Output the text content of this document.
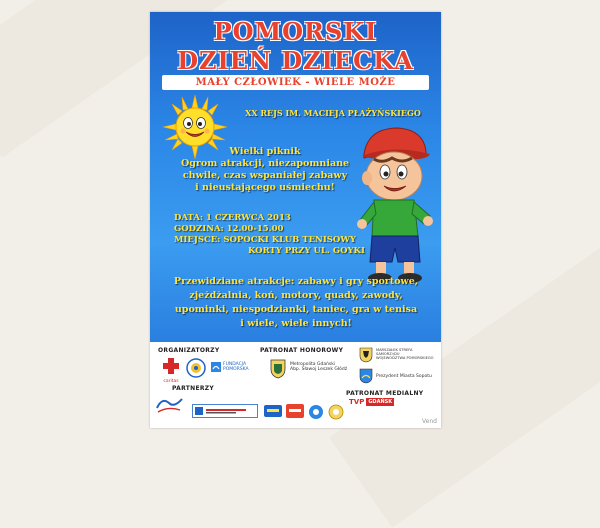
POMORSKI
DZIEŃ DZIECKA
MAŁY CZŁOWIEK - WIELE MOŻE
XX REJS IM. MACIEJA PŁAŻYŃSKIEGO
Wielki piknik
Ogrom atrakcji, niezapomniane
chwile, czas wspaniałej zabawy
i nieustającego uśmiechu!
DATA: 1 CZERWCA 2013
GODZINA: 12.00-15.00
MIEJSCE: SOPOCKI KLUB TENISOWY
KORTY PRZY UL. GOYKI
Przewidziane atrakcje: zabawy i gry sportowe,
zjeżdżalnia, koń, motory, quady, zawody,
upominki, niespodzianki, taniec, gra w tenisa
i wiele, wiele innych!
ORGANIZATORZY	PATRONAT HONOROWY
caritas
FUNDACJA POMORSKA
Metropolita Gdański
Abp. Sławoj Leszek Głódź
MARSZAŁEK STREFA
SAMORZĄDU
WOJEWÓDZTWA POMORSKIEGO
Prezydent Miasta Sopotu
PARTNERZY
PATRONAT MEDIALNY
TVP GDAŃSK
Vend
